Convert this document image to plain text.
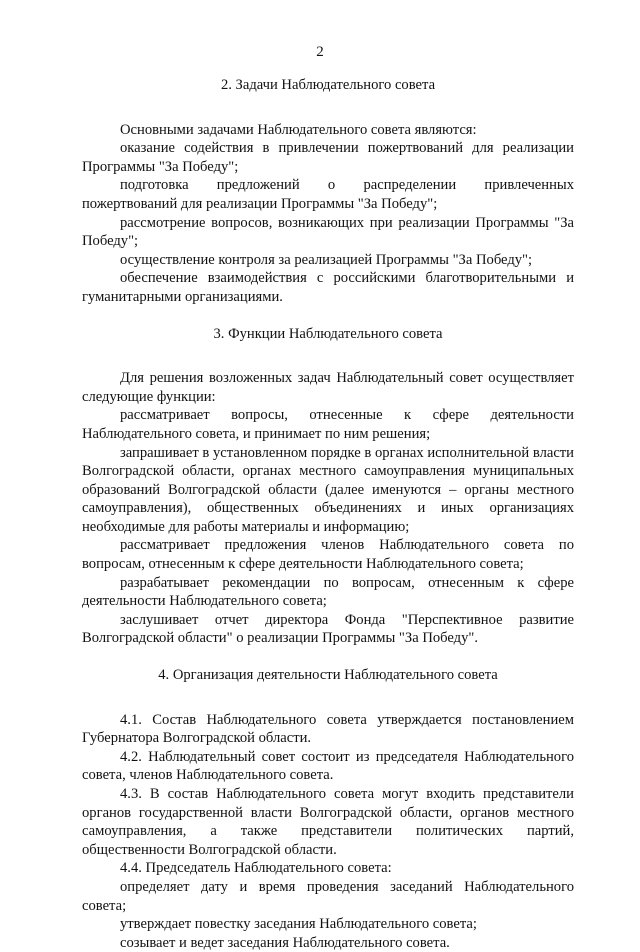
2

2. Задачи Наблюдательного совета

Основными задачами Наблюдательного совета являются:

оказание содействия в привлечении пожертвований для реализации Программы "За Победу";

подготовка предложений о распределении привлеченных пожертвований для реализации Программы "За Победу";

рассмотрение вопросов, возникающих при реализации Программы "За Победу";

осуществление контроля за реализацией Программы "За Победу";

обеспечение взаимодействия с российскими благотворительными и гуманитарными организациями.

3. Функции Наблюдательного совета

Для решения возложенных задач Наблюдательный совет осуществляет следующие функции:

рассматривает вопросы, отнесенные к сфере деятельности Наблюдательного совета, и принимает по ним решения;

запрашивает в установленном порядке в органах исполнительной власти Волгоградской области, органах местного самоуправления муниципальных образований Волгоградской области (далее именуются – органы местного самоуправления), общественных объединениях и иных организациях необходимые для работы материалы и информацию;

рассматривает предложения членов Наблюдательного совета по вопросам, отнесенным к сфере деятельности Наблюдательного совета;

разрабатывает рекомендации по вопросам, отнесенным к сфере деятельности Наблюдательного совета;

заслушивает отчет директора Фонда "Перспективное развитие Волгоградской области" о реализации Программы "За Победу".

4. Организация деятельности Наблюдательного совета

4.1. Состав Наблюдательного совета утверждается постановлением Губернатора Волгоградской области.

4.2. Наблюдательный совет состоит из председателя Наблюдательного совета, членов Наблюдательного совета.

4.3. В состав Наблюдательного совета могут входить представители органов государственной власти Волгоградской области, органов местного самоуправления, а также представители политических партий, общественности Волгоградской области.

4.4. Председатель Наблюдательного совета:

определяет дату и время проведения заседаний Наблюдательного совета;

утверждает повестку заседания Наблюдательного совета;

созывает и ведет заседания Наблюдательного совета.
